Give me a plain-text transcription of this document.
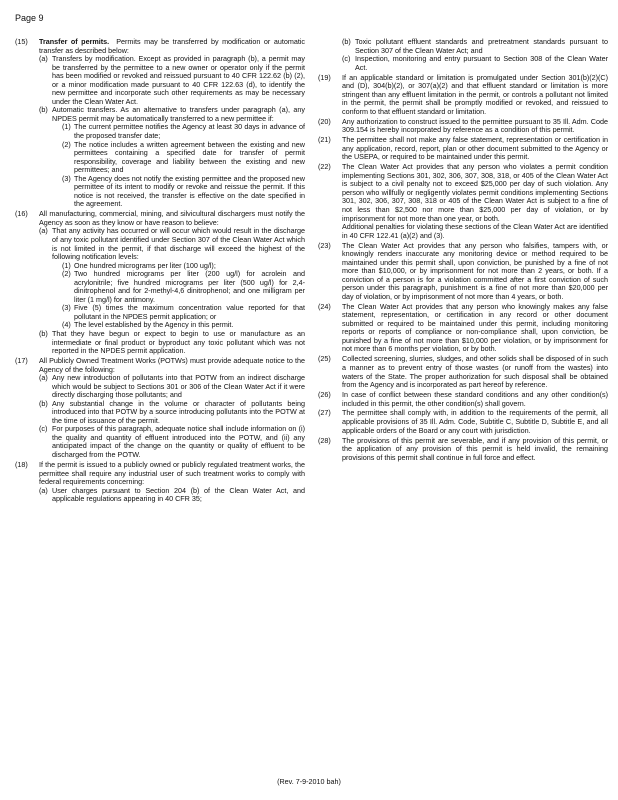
Page 9
(15) Transfer of permits. Permits may be transferred by modification or automatic transfer as described below:
(a) Transfers by modification. Except as provided in paragraph (b), a permit may be transferred by the permittee to a new owner or operator only if the permit has been modified or revoked and reissued pursuant to 40 CFR 122.62 (b) (2), or a minor modification made pursuant to 40 CFR 122.63 (d), to identify the new permittee and incorporate such other requirements as may be necessary under the Clean Water Act.
(b) Automatic transfers. As an alternative to transfers under paragraph (a), any NPDES permit may be automatically transferred to a new permittee if:
(1) The current permittee notifies the Agency at least 30 days in advance of the proposed transfer date;
(2) The notice includes a written agreement between the existing and new permittees containing a specified date for transfer of permit responsibility, coverage and liability between the existing and new permittees; and
(3) The Agency does not notify the existing permittee and the proposed new permittee of its intent to modify or revoke and reissue the permit. If this notice is not received, the transfer is effective on the date specified in the agreement.
(16) All manufacturing, commercial, mining, and silvicultural dischargers must notify the Agency as soon as they know or have reason to believe:
(a) That any activity has occurred or will occur which would result in the discharge of any toxic pollutant identified under Section 307 of the Clean Water Act which is not limited in the permit, if that discharge will exceed the highest of the following notification levels:
(1) One hundred micrograms per liter (100 ug/l);
(2) Two hundred micrograms per liter (200 ug/l) for acrolein and acrylonitrile; five hundred micrograms per liter (500 ug/l) for 2,4-dinitrophenol and for 2-methyl-4,6 dinitrophenol; and one milligram per liter (1 mg/l) for antimony.
(3) Five (5) times the maximum concentration value reported for that pollutant in the NPDES permit application; or
(4) The level established by the Agency in this permit.
(b) That they have begun or expect to begin to use or manufacture as an intermediate or final product or byproduct any toxic pollutant which was not reported in the NPDES permit application.
(17) All Publicly Owned Treatment Works (POTWs) must provide adequate notice to the Agency of the following:
(a) Any new introduction of pollutants into that POTW from an indirect discharge which would be subject to Sections 301 or 306 of the Clean Water Act if it were directly discharging those pollutants; and
(b) Any substantial change in the volume or character of pollutants being introduced into that POTW by a source introducing pollutants into the POTW at the time of issuance of the permit.
(c) For purposes of this paragraph, adequate notice shall include information on (i) the quality and quantity of effluent introduced into the POTW, and (ii) any anticipated impact of the change on the quantity or quality of effluent to be discharged from the POTW.
(18) If the permit is issued to a publicly owned or publicly regulated treatment works, the permittee shall require any industrial user of such treatment works to comply with federal requirements concerning:
(a) User charges pursuant to Section 204 (b) of the Clean Water Act, and applicable regulations appearing in 40 CFR 35;
(b) Toxic pollutant effluent standards and pretreatment standards pursuant to Section 307 of the Clean Water Act; and
(c) Inspection, monitoring and entry pursuant to Section 308 of the Clean Water Act.
(19) If an applicable standard or limitation is promulgated under Section 301(b)(2)(C) and (D), 304(b)(2), or 307(a)(2) and that effluent standard or limitation is more stringent than any effluent limitation in the permit, or controls a pollutant not limited in the permit, the permit shall be promptly modified or revoked, and reissued to conform to that effluent standard or limitation.
(20) Any authorization to construct issued to the permittee pursuant to 35 Ill. Adm. Code 309.154 is hereby incorporated by reference as a condition of this permit.
(21) The permittee shall not make any false statement, representation or certification in any application, record, report, plan or other document submitted to the Agency or the USEPA, or required to be maintained under this permit.
(22) The Clean Water Act provides that any person who violates a permit condition implementing Sections 301, 302, 306, 307, 308, 318, or 405 of the Clean Water Act is subject to a civil penalty not to exceed $25,000 per day of such violation. Any person who willfully or negligently violates permit conditions implementing Sections 301, 302, 306, 307, 308, 318 or 405 of the Clean Water Act is subject to a fine of not less than $2,500 nor more than $25,000 per day of violation, or by imprisonment for not more than one year, or both.
Additional penalties for violating these sections of the Clean Water Act are identified in 40 CFR 122.41 (a)(2) and (3).
(23) The Clean Water Act provides that any person who falsifies, tampers with, or knowingly renders inaccurate any monitoring device or method required to be maintained under this permit shall, upon conviction, be punished by a fine of not more than $10,000, or by imprisonment for not more than 2 years, or both. If a conviction of a person is for a violation committed after a first conviction of such person under this paragraph, punishment is a fine of not more than $20,000 per day of violation, or by imprisonment of not more than 4 years, or both.
(24) The Clean Water Act provides that any person who knowingly makes any false statement, representation, or certification in any record or other document submitted or required to be maintained under this permit, including monitoring reports or reports of compliance or non-compliance shall, upon conviction, be punished by a fine of not more than $10,000 per violation, or by imprisonment for not more than 6 months per violation, or by both.
(25) Collected screening, slurries, sludges, and other solids shall be disposed of in such a manner as to prevent entry of those wastes (or runoff from the wastes) into waters of the State. The proper authorization for such disposal shall be obtained from the Agency and is incorporated as part hereof by reference.
(26) In case of conflict between these standard conditions and any other condition(s) included in this permit, the other condition(s) shall govern.
(27) The permittee shall comply with, in addition to the requirements of the permit, all applicable provisions of 35 Ill. Adm. Code, Subtitle C, Subtitle D, Subtitle E, and all applicable orders of the Board or any court with jurisdiction.
(28) The provisions of this permit are severable, and if any provision of this permit, or the application of any provision of this permit is held invalid, the remaining provisions of this permit shall continue in full force and effect.
(Rev. 7-9-2010 bah)
